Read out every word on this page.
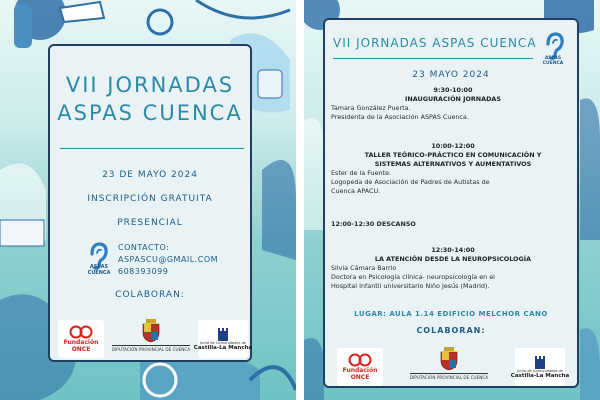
VII JORNADAS
ASPAS CUENCA
23 DE MAYO 2024
INSCRIPCIÓN GRATUITA
PRESENCIAL
ASPAS CUENCA
CONTACTO:
ASPASCU@GMAIL.COM
608393099
COLABORAN:
Fundación
ONCE	DIPUTACIÓN PROVINCIAL DE CUENCA
Junta de Comunidades de
Castilla-La Mancha
VII JORNADAS ASPAS CUENCA
ASPAS CUENCA
23 MAYO 2024
9:30-10:00
INAUGURACIÓN JORNADAS
Tamara González Puerta.
Presidenta de la Asociación ASPAS Cuenca.
10:00-12:00
TALLER TEÓRICO-PRÁCTICO EN COMUNICACIÓN Y
SISTEMAS ALTERNATIVOS Y AUMENTATIVOS
Ester de la Fuente.
Logopeda de Asociación de Padres de Autistas de
Cuenca APACU.
12:00-12:30 DESCANSO
12:30-14:00
LA ATENCIÓN DESDE LA NEUROPSICOLOGÍA
Silvia Cámara Barrio
Doctora en Psicología clínica- neuropsicología en el
Hospital Infantil universitario Niño Jesús (Madrid).
LUGAR: AULA 1.14 EDIFICIO MELCHOR CANO
COLABORAN:
Fundación
ONCE	DIPUTACIÓN PROVINCIAL DE CUENCA
Junta de Comunidades de
Castilla-La Mancha
